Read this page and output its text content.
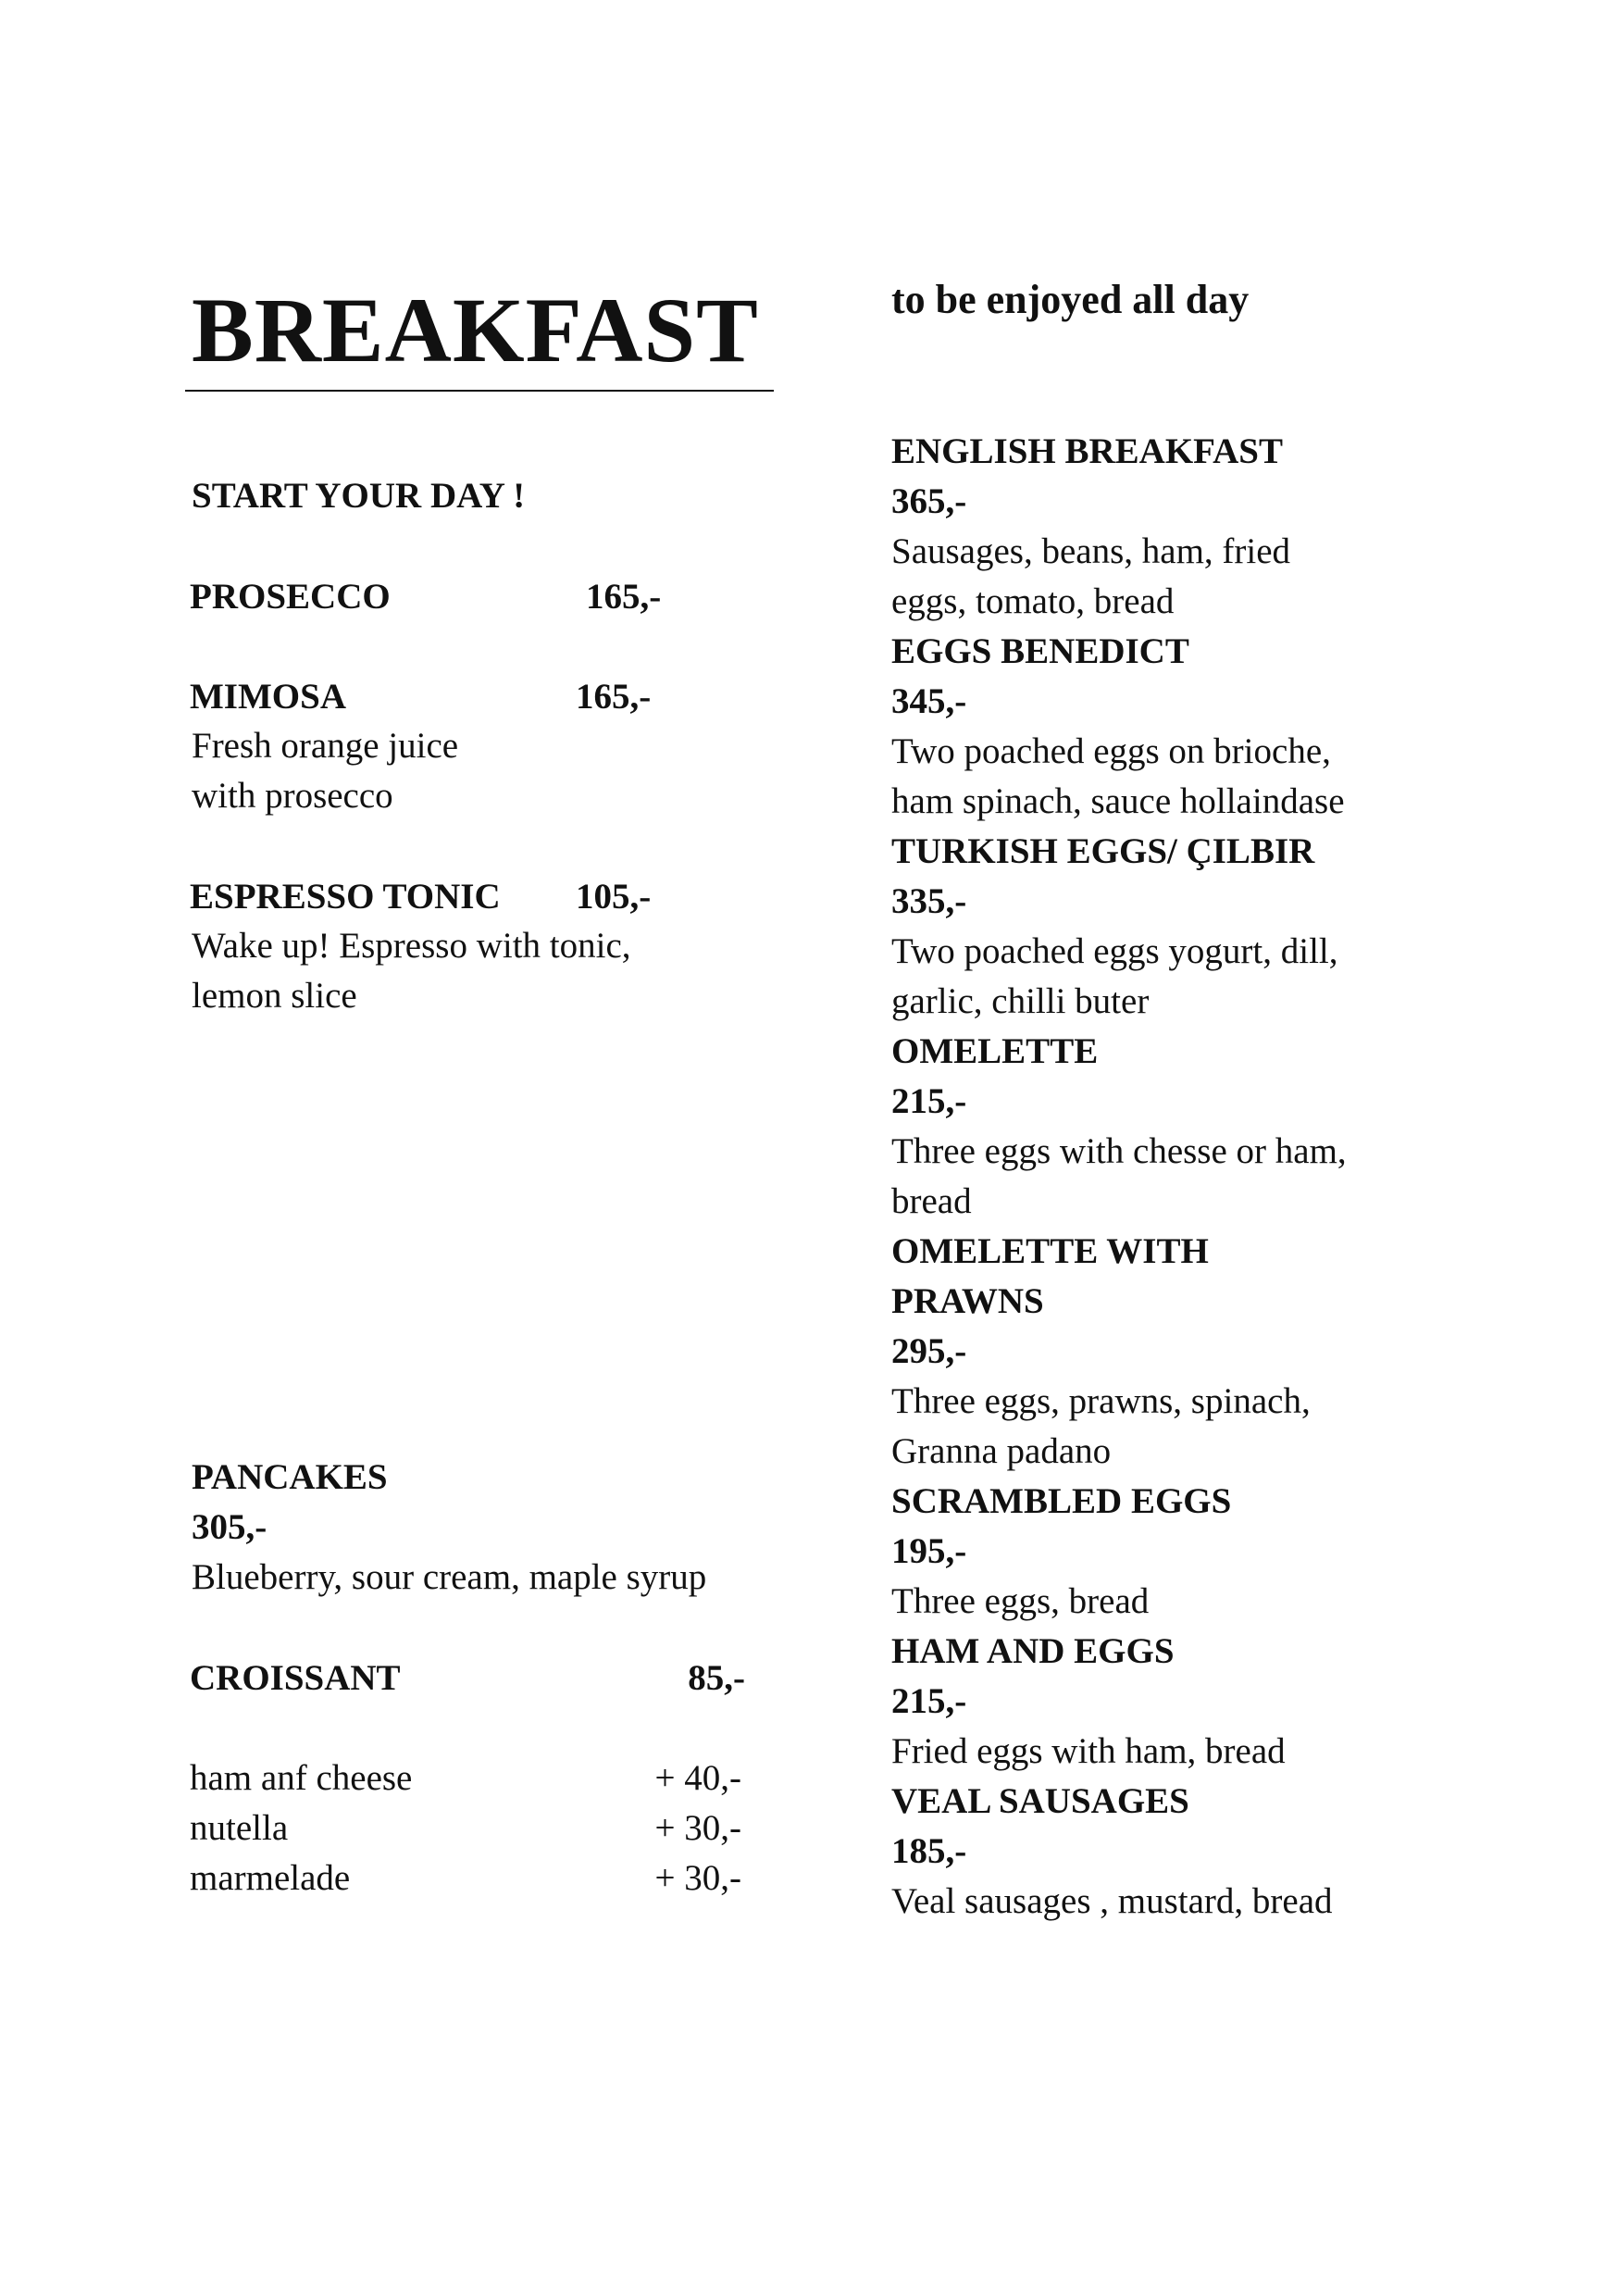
BREAKFAST	to be enjoyed all day
START YOUR DAY !
PROSECCO	165,-
MIMOSA	165,-
Fresh orange juice
with prosecco
ESPRESSO TONIC 105,-
Wake up! Espresso with tonic,
lemon slice
PANCAKES
305,-
Blueberry, sour cream, maple syrup
CROISSANT	85,-
ham anf cheese	+ 40,-
nutella	+ 30,-
marmelade	+ 30,-
ENGLISH BREAKFAST
365,-
Sausages, beans, ham, fried
eggs, tomato, bread
EGGS BENEDICT
345,-
Two poached eggs on brioche,
ham spinach, sauce hollaindase
TURKISH EGGS/ ÇILBIR
335,-
Two poached eggs yogurt, dill,
garlic, chilli buter
OMELETTE
215,-
Three eggs with chesse or ham,
bread
OMELETTE WITH
PRAWNS
295,-
Three eggs, prawns, spinach,
Granna padano
SCRAMBLED EGGS
195,-
Three eggs, bread
HAM AND EGGS
215,-
Fried eggs with ham, bread
VEAL SAUSAGES
185,-
Veal sausages , mustard, bread
